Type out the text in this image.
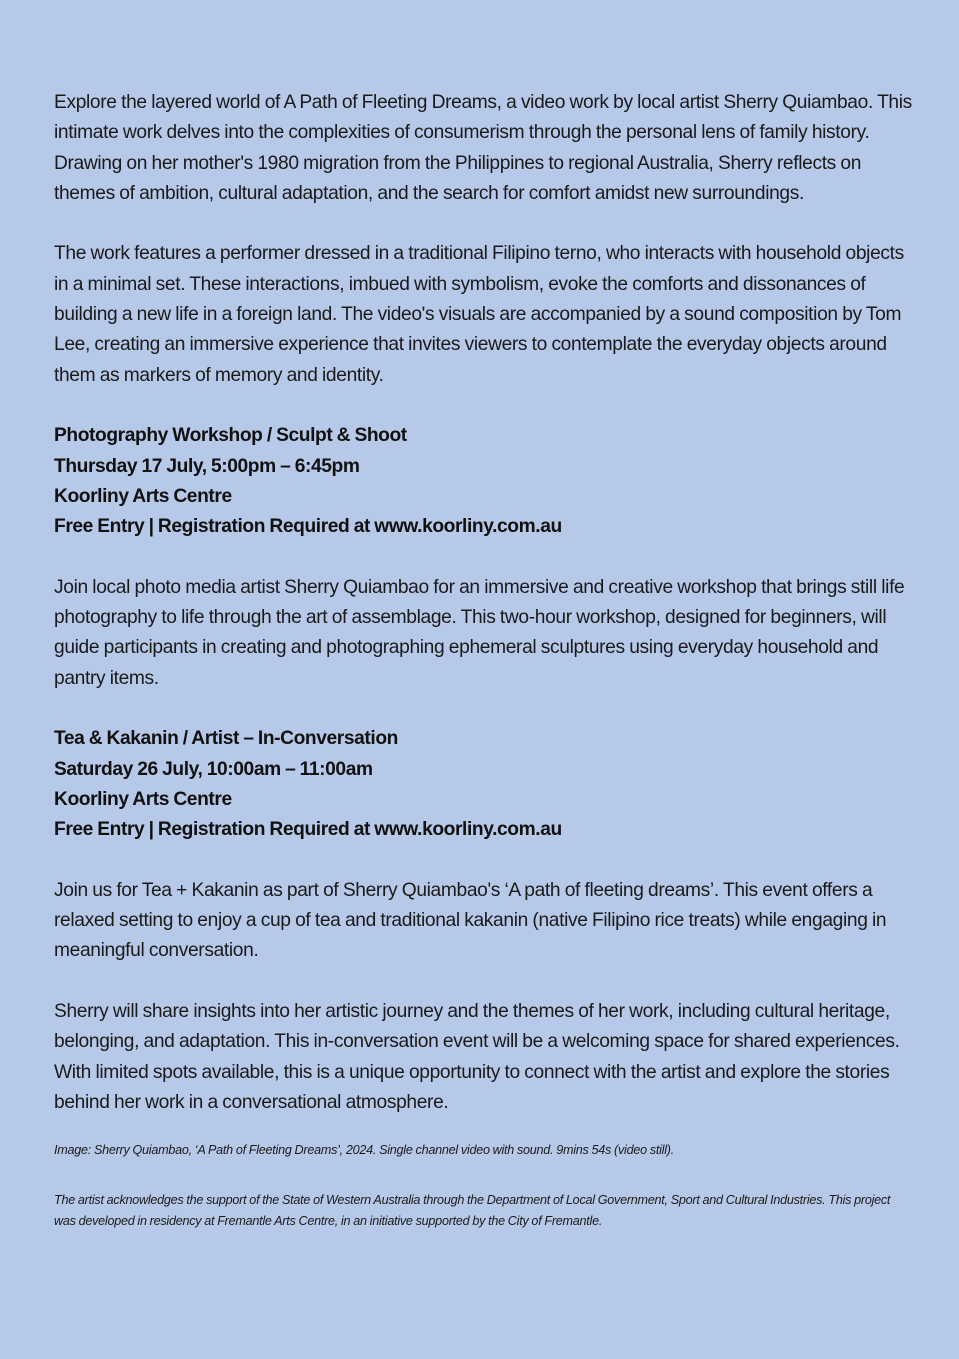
Explore the layered world of A Path of Fleeting Dreams, a video work by local artist Sherry Quiambao. This intimate work delves into the complexities of consumerism through the personal lens of family history. Drawing on her mother's 1980 migration from the Philippines to regional Australia, Sherry reflects on themes of ambition, cultural adaptation, and the search for comfort amidst new surroundings.

The work features a performer dressed in a traditional Filipino terno, who interacts with household objects in a minimal set. These interactions, imbued with symbolism, evoke the comforts and dissonances of building a new life in a foreign land. The video's visuals are accompanied by a sound composition by Tom Lee, creating an immersive experience that invites viewers to contemplate the everyday objects around them as markers of memory and identity.

Photography Workshop / Sculpt & Shoot
Thursday 17 July, 5:00pm – 6:45pm
Koorliny Arts Centre
Free Entry | Registration Required at www.koorliny.com.au

Join local photo media artist Sherry Quiambao for an immersive and creative workshop that brings still life photography to life through the art of assemblage. This two-hour workshop, designed for beginners, will guide participants in creating and photographing ephemeral sculptures using everyday household and pantry items.

Tea & Kakanin / Artist – In-Conversation
Saturday 26 July, 10:00am – 11:00am
Koorliny Arts Centre
Free Entry | Registration Required at www.koorliny.com.au

Join us for Tea + Kakanin as part of Sherry Quiambao's ‘A path of fleeting dreams’. This event offers a relaxed setting to enjoy a cup of tea and traditional kakanin (native Filipino rice treats) while engaging in meaningful conversation.

Sherry will share insights into her artistic journey and the themes of her work, including cultural heritage, belonging, and adaptation. This in-conversation event will be a welcoming space for shared experiences. With limited spots available, this is a unique opportunity to connect with the artist and explore the stories behind her work in a conversational atmosphere.

Image: Sherry Quiambao, ‘A Path of Fleeting Dreams’, 2024. Single channel video with sound. 9mins 54s (video still).

The artist acknowledges the support of the State of Western Australia through the Department of Local Government, Sport and Cultural Industries. This project was developed in residency at Fremantle Arts Centre, in an initiative supported by the City of Fremantle.
